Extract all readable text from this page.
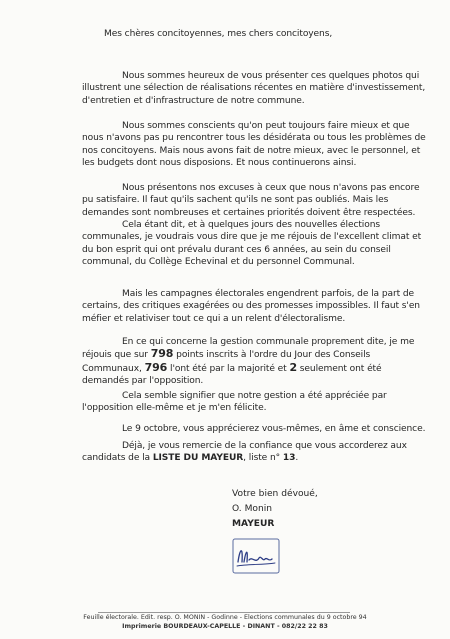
Mes chères concitoyennes, mes chers concitoyens,

Nous sommes heureux de vous présenter ces quelques photos qui illustrent une sélection de réalisations récentes en matière d'investissement, d'entretien et d'infrastructure de notre commune.

Nous sommes conscients qu'on peut toujours faire mieux et que nous n'avons pas pu rencontrer tous les désidérata ou tous les problèmes de nos concitoyens. Mais nous avons fait de notre mieux, avec le personnel, et les budgets dont nous disposions. Et nous continuerons ainsi.

Nous présentons nos excuses à ceux que nous n'avons pas encore pu satisfaire. Il faut qu'ils sachent qu'ils ne sont pas oubliés. Mais les demandes sont nombreuses et certaines priorités doivent être respectées.

Cela étant dit, et à quelques jours des nouvelles élections communales, je voudrais vous dire que je me réjouis de l'excellent climat et du bon esprit qui ont prévalu durant ces 6 années, au sein du conseil communal, du Collège Echevinal et du personnel Communal.

Mais les campagnes électorales engendrent parfois, de la part de certains, des critiques exagérées ou des promesses impossibles. Il faut s'en méfier et relativiser tout ce qui a un relent d'électoralisme.

En ce qui concerne la gestion communale proprement dite, je me réjouis que sur 798 points inscrits à l'ordre du Jour des Conseils Communaux, 796 l'ont été par la majorité et 2 seulement ont été demandés par l'opposition.

Cela semble signifier que notre gestion a été appréciée par l'opposition elle-même et je m'en félicite.

Le 9 octobre, vous apprécierez vous-mêmes, en âme et conscience.

Déjà, je vous remercie de la confiance que vous accorderez aux candidats de la LISTE DU MAYEUR, liste n° 13.

Votre bien dévoué,
O. Monin
MAYEUR
Feuille électorale. Edit. resp. O. MONIN - Godinne - Elections communales du 9 octobre 94
Imprimerie BOURDEAUX-CAPELLE - DINANT - 082/22 22 83
